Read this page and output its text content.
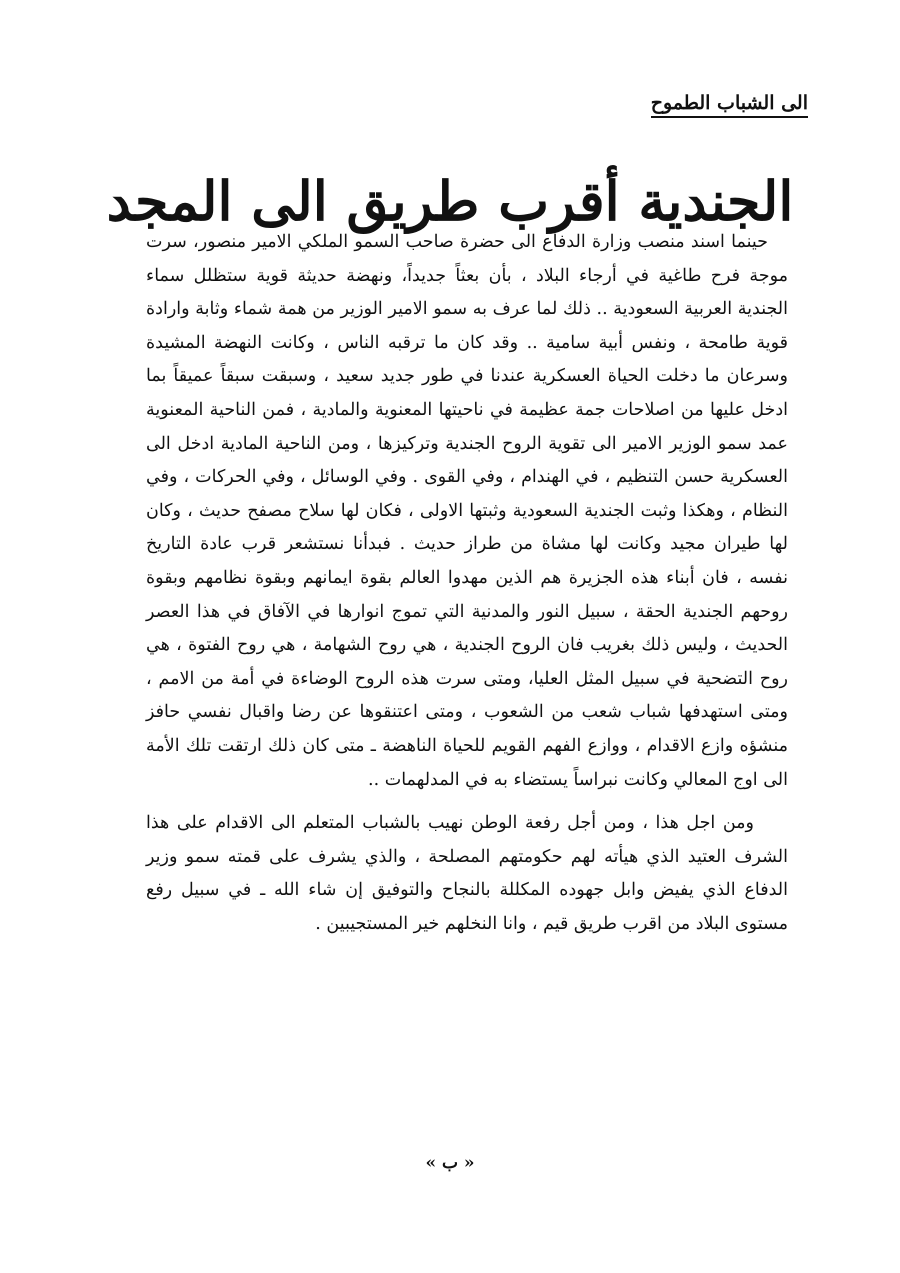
الى الشباب الطموح
الجندية أقرب طريق الى المجد

حينما اسند منصب وزارة الدفاع الى حضرة صاحب السمو الملكي الامير منصور، سرت موجة فرح طاغية في أرجاء البلاد ، بأن بعثاً جديداً، ونهضة حديثة قوية ستظلل سماء الجندية العربية السعودية .. ذلك لما عرف به سمو الامير الوزير من همة شماء وثابة وارادة قوية طامحة ، ونفس أبية سامية .. وقد كان ما ترقبه الناس ، وكانت النهضة المشيدة وسرعان ما دخلت الحياة العسكرية عندنا في طور جديد سعيد ، وسبقت سبقاً عميقاً بما ادخل عليها من اصلاحات جمة عظيمة في ناحيتها المعنوية والمادية ، فمن الناحية المعنوية عمد سمو الوزير الامير الى تقوية الروح الجندية وتركيزها ، ومن الناحية المادية ادخل الى العسكرية حسن التنظيم ، في الهندام ، وفي القوى . وفي الوسائل ، وفي الحركات ، وفي النظام ، وهكذا وثبت الجندية السعودية وثبتها الاولى ، فكان لها سلاح مصفح حديث ، وكان لها طيران مجيد وكانت لها مشاة من طراز حديث . فبدأنا نستشعر قرب عادة التاريخ نفسه ، فان أبناء هذه الجزيرة هم الذين مهدوا العالم بقوة ايمانهم وبقوة نظامهم وبقوة روحهم الجندية الحقة ، سبيل النور والمدنية التي تموج انوارها في الآفاق في هذا العصر الحديث ، وليس ذلك بغريب فان الروح الجندية ، هي روح الشهامة ، هي روح الفتوة ، هي روح التضحية في سبيل المثل العليا، ومتى سرت هذه الروح الوضاءة في أمة من الامم ، ومتى استهدفها شباب شعب من الشعوب ، ومتى اعتنقوها عن رضا واقبال نفسي حافز منشؤه وازع الاقدام ، ووازع الفهم القويم للحياة الناهضة ـ متى كان ذلك ارتقت تلك الأمة الى اوج المعالي وكانت نبراساً يستضاء به في المدلهمات ..

ومن اجل هذا ، ومن أجل رفعة الوطن نهيب بالشباب المتعلم الى الاقدام على هذا الشرف العتيد الذي هيأته لهم حكومتهم المصلحة ، والذي يشرف على قمته سمو وزير الدفاع الذي يفيض وابل جهوده المكللة بالنجاح والتوفيق إن شاء الله ـ في سبيل رفع مستوى البلاد من اقرب طريق قيم ، وانا النخلهم خير المستجيبين .

« ب »
